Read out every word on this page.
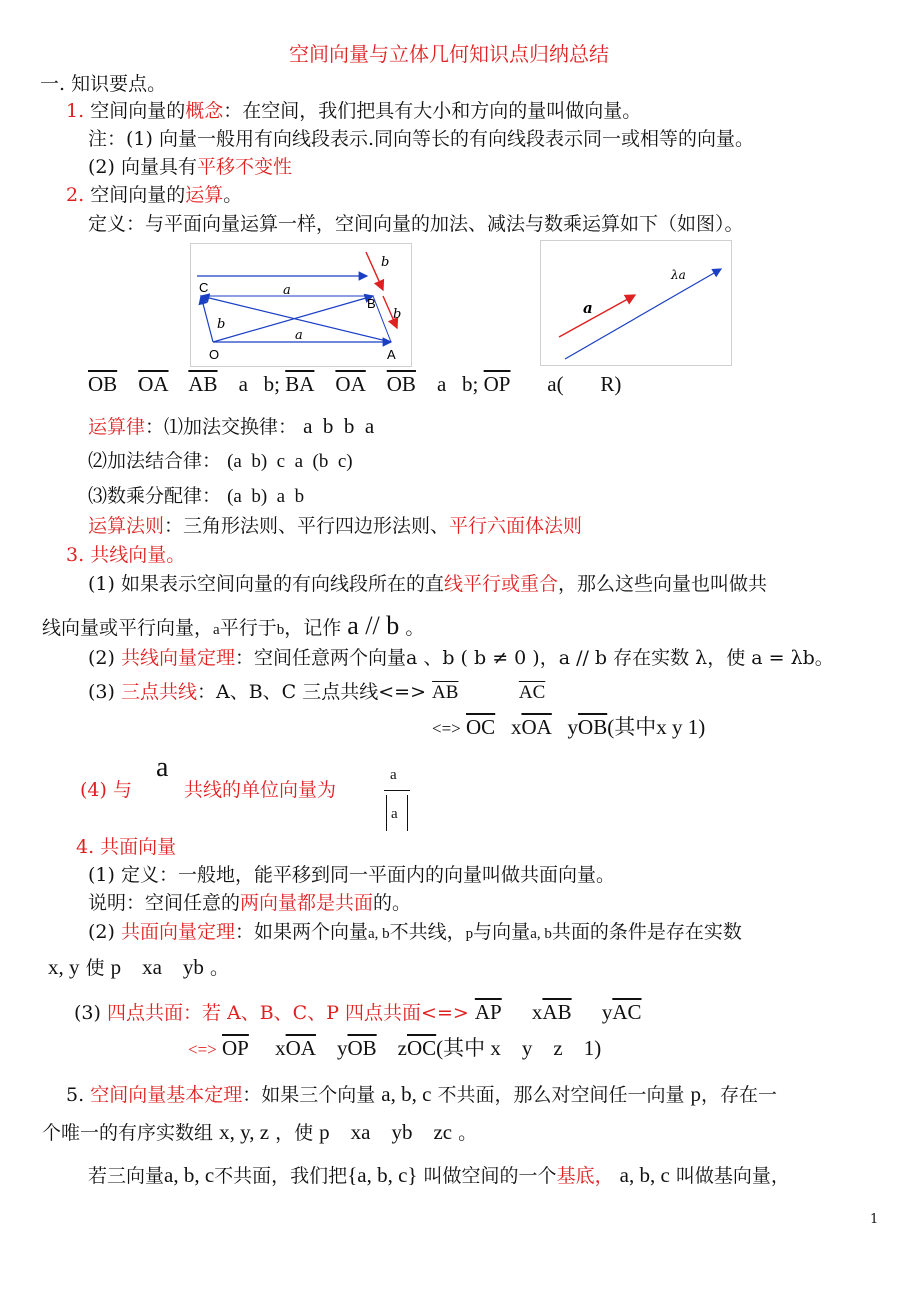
空间向量与立体几何知识点归纳总结
一. 知识要点。
1. 空间向量的概念：在空间，我们把具有大小和方向的量叫做向量。
注：(1) 向量一般用有向线段表示.同向等长的有向线段表示同一或相等的向量。
(2) 向量具有平移不变性
2. 空间向量的运算。
定义：与平面向量运算一样，空间向量的加法、减法与数乘运算如下（如图）。
C
B
O	A
a
a
b
b
b	a
λa
$\overline{OB}$ $\overline{OA}$ $\overline{AB}$ a b; $\overline{BA}$ $\overline{OA}$ $\overline{OB}$ a b; $\overline{OP}$ a( R)
运算律：⑴加法交换律： a  b  b  a
⑵加法结合律： (a  b)  c  a  (b  c)
⑶数乘分配律： (a  b)  a  b
运算法则：三角形法则、平行四边形法则、平行六面体法则
3. 共线向量。
(1) 如果表示空间向量的有向线段所在的直线平行或重合，那么这些向量也叫做共
线向量或平行向量，a平行于b，记作 a // b 。
(2) 共线向量定理：空间任意两个向量a 、b ( b ≠ 0 )，a // b 存在实数 λ，使 a = λb。
(3) 三点共线：A、B、C 三点共线<=> $\overline{AB}$	$\overline{AC}$
<=> $\overline{OC}$ $x\overline{OA}$ $y\overline{OB}$(其中x y 1)
(4) 与
a
共线的单位向量为
a
a
4. 共面向量
(1) 定义：一般地，能平移到同一平面内的向量叫做共面向量。
说明：空间任意的两向量都是共面的。
(2) 共面向量定理：如果两个向量a, b不共线，p与向量a, b共面的条件是存在实数
x, y 使 p    xa    yb 。
(3) 四点共面：若 A、B、C、P 四点共面<=> $\overline{AP}$ $x\overline{AB}$ $y\overline{AC}$
<=> $\overline{OP}$ $x\overline{OA}$ $y\overline{OB}$ $z\overline{OC}$(其中 x    y    z    1)
5. 空间向量基本定理：如果三个向量 a, b, c 不共面，那么对空间任一向量 p，存在一
个唯一的有序实数组 x, y, z ，使 p    xa    yb    zc 。
若三向量a, b, c不共面，我们把{a, b, c} 叫做空间的一个基底， a, b, c 叫做基向量，
1
